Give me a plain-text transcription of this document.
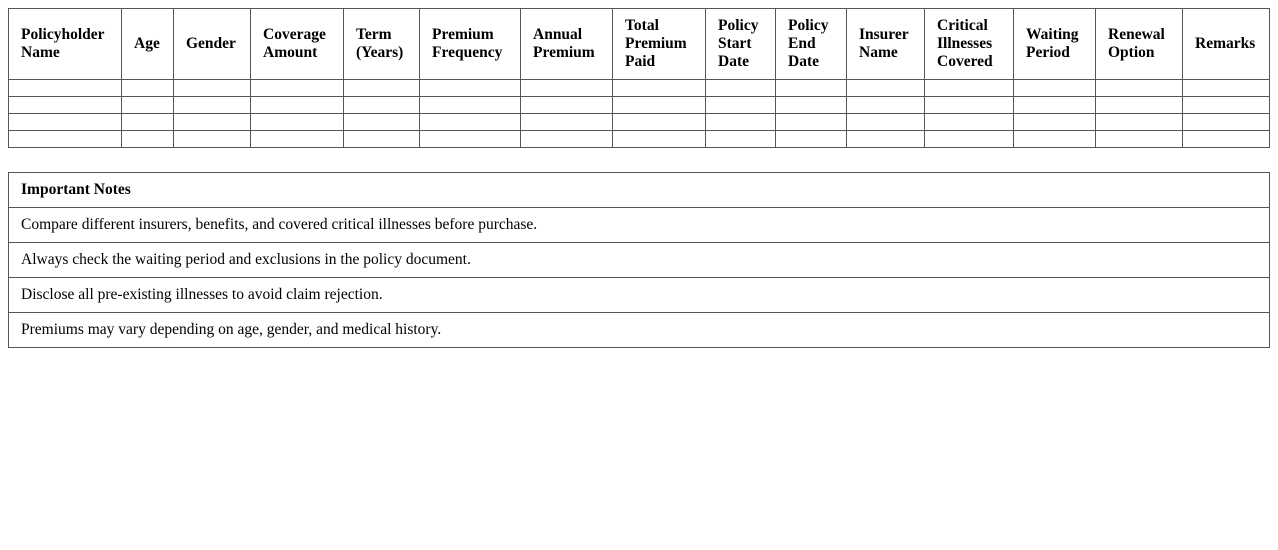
Policyholder Name	Age	Gender	Coverage Amount	Term (Years)	Premium Frequency	Annual Premium	Total Premium Paid	Policy Start Date	Policy End Date	Insurer Name	Critical Illnesses Covered	Waiting Period	Renewal Option	Remarks

Important Notes
Compare different insurers, benefits, and covered critical illnesses before purchase.
Always check the waiting period and exclusions in the policy document.
Disclose all pre-existing illnesses to avoid claim rejection.
Premiums may vary depending on age, gender, and medical history.
